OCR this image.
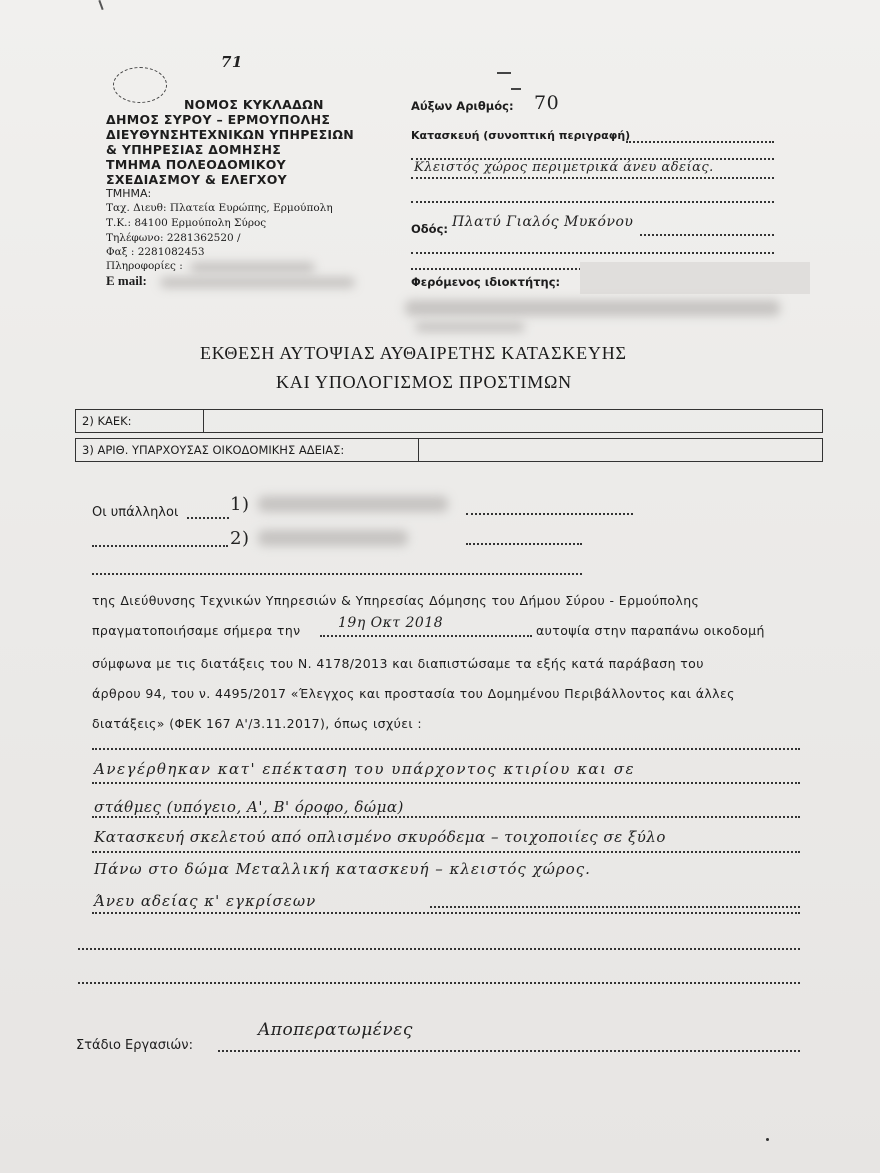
71
ΝΟΜΟΣ ΚΥΚΛΑΔΩΝ
ΔΗΜΟΣ ΣΥΡΟΥ – ΕΡΜΟΥΠΟΛΗΣ
ΔΙΕΥΘΥΝΣΗΤΕΧΝΙΚΩΝ ΥΠΗΡΕΣΙΩΝ
& ΥΠΗΡΕΣΙΑΣ ΔΟΜΗΣΗΣ
ΤΜΗΜΑ ΠΟΛΕΟΔΟΜΙΚΟΥ
ΣΧΕΔΙΑΣΜΟΥ & ΕΛΕΓΧΟΥ
ΤΜΗΜΑ:
Ταχ. Διευθ: Πλατεία Ευρώπης, Ερμούπολη
Τ.Κ.: 84100 Ερμούπολη Σύρος
Τηλέφωνο: 2281362520 /
Φαξ : 2281082453
Πληροφορίες :
E mail:
Αύξων Αριθμός: 70
Κατασκευή (συνοπτική περιγραφή)
Κλειστός χώρος περιμετρικά άνευ αδείας.
Οδός: Πλατύ Γιαλός Μυκόνου
Φερόμενος ιδιοκτήτης:
ΕΚΘΕΣΗ ΑΥΤΟΨΙΑΣ ΑΥΘΑΙΡΕΤΗΣ ΚΑΤΑΣΚΕΥΗΣ
ΚΑΙ ΥΠΟΛΟΓΙΣΜΟΣ ΠΡΟΣΤΙΜΩΝ
2) ΚΑΕΚ:	
3) ΑΡΙΘ. ΥΠΑΡΧΟΥΣΑΣ ΟΙΚΟΔΟΜΙΚΗΣ ΑΔΕΙΑΣ:	
Οι υπάλληλοι	1)
2)
της Διεύθυνσης Τεχνικών Υπηρεσιών & Υπηρεσίας Δόμησης του Δήμου Σύρου - Ερμούπολης
πραγματοποιήσαμε σήμερα την	19η Οκτ 2018	αυτοψία στην παραπάνω οικοδομή
σύμφωνα με τις διατάξεις του Ν. 4178/2013 και διαπιστώσαμε τα εξής κατά παράβαση του
άρθρου 94, του ν. 4495/2017 «Έλεγχος και προστασία του Δομημένου Περιβάλλοντος και άλλες
διατάξεις» (ΦΕΚ 167 Α'/3.11.2017), όπως ισχύει :
Ανεγέρθηκαν κατ' επέκταση του υπάρχοντος κτιρίου και σε
στάθμες (υπόγειο, Α', Β' όροφο, δώμα)
Κατασκευή σκελετού από οπλισμένο σκυρόδεμα – τοιχοποιίες σε ξύλο
Πάνω στο δώμα Μεταλλική κατασκευή – κλειστός χώρος.
Άνευ αδείας κ' εγκρίσεων
Στάδιο Εργασιών:
Αποπερατωμένες
